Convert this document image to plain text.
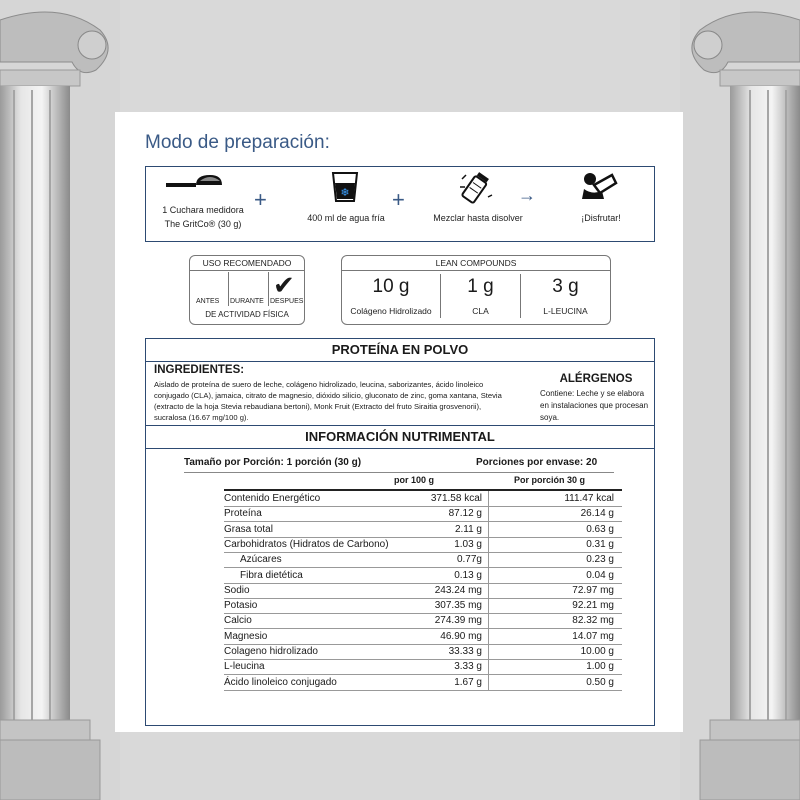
Modo de preparación:
1 Cuchara medidora
The GritCo® (30 g)
+	❄
400 ml de agua fría
+
Mezclar hasta disolver
→
¡Disfrutar!
USO RECOMENDADO
✔
ANTES DURANTE DESPUES
DE ACTIVIDAD FÍSICA
LEAN COMPOUNDS
10 g
Colágeno Hidrolizado
1 g
CLA
3 g
L-LEUCINA
PROTEÍNA EN POLVO
INGREDIENTES:
Aislado de proteína de suero de leche, colágeno hidrolizado, leucina, saborizantes, ácido linoleico conjugado (CLA), jamaica, citrato de magnesio, dióxido silicio, gluconato de zinc, goma xantana, Stevia (extracto de la hoja Stevia rebaudiana bertoni), Monk Fruit (Extracto del fruto Siraitia grosvenorii), sucralosa (16.67 mg/100 g).
ALÉRGENOS
Contiene: Leche y se elabora en instalaciones que procesan soya.
INFORMACIÓN NUTRIMENTAL
Tamaño por Porción: 1 porción (30 g)	Porciones por envase: 20
por 100 g	Por porción 30 g
Contenido Energético	371.58 kcal	111.47 kcal
Proteína	87.12 g	26.14 g
Grasa total	2.11 g	0.63 g
Carbohidratos (Hidratos de Carbono)	1.03 g	0.31 g
Azúcares	0.77g	0.23 g
Fibra dietética	0.13 g	0.04 g
Sodio	243.24 mg	72.97 mg
Potasio	307.35 mg	92.21 mg
Calcio	274.39 mg	82.32 mg
Magnesio	46.90 mg	14.07 mg
Colageno hidrolizado	33.33 g	10.00 g
L-leucina	3.33 g	1.00 g
Ácido linoleico conjugado	1.67 g	0.50 g
